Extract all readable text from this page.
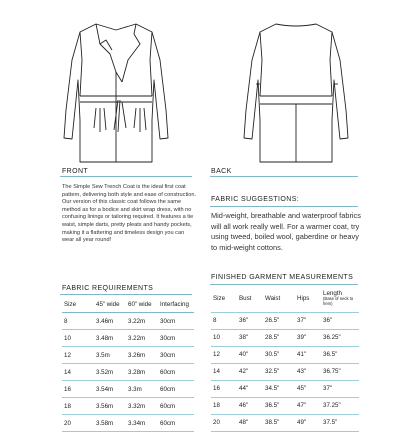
FRONT	BACK
The Simple Sew Trench Coat is the ideal first coat pattern, delivering both style and ease of construction. Our version of this classic coat follows the same method as for a bodice and skirt wrap dress, with no confusing linings or tailoring required. It features a tie waist, simple darts, pretty pleats and handy pockets, making it a flattering and timeless design you can wear all year round!
FABRIC SUGGESTIONS:
Mid-weight, breathable and waterproof fabrics will all work really well. For a warmer coat, try using tweed, boiled wool, gaberdine or heavy to mid-weight cottons.
FABRIC REQUIREMENTS
Size	45" wide	60" wide	Interfacing
8	3.46m	3.22m	30cm
10	3.48m	3.22m	30cm
12	3.5m	3.26m	30cm
14	3.52m	3.28m	60cm
16	3.54m	3.3m	60cm
18	3.56m	3.32m	60cm
20	3.58m	3.34m	60cm
FINISHED GARMENT MEASUREMENTS
Size	Bust	Waist	Hips	Length
(Base of neck to hem)

8	36"	26.5"	37"	36"
10	38"	28.5"	39"	36.25"
12	40"	30.5"	41"	36.5"
14	42"	32.5"	43"	36.75"
16	44"	34.5"	45"	37"
18	46"	36.5"	47"	37.25"
20	48"	38.5"	49"	37.5"
